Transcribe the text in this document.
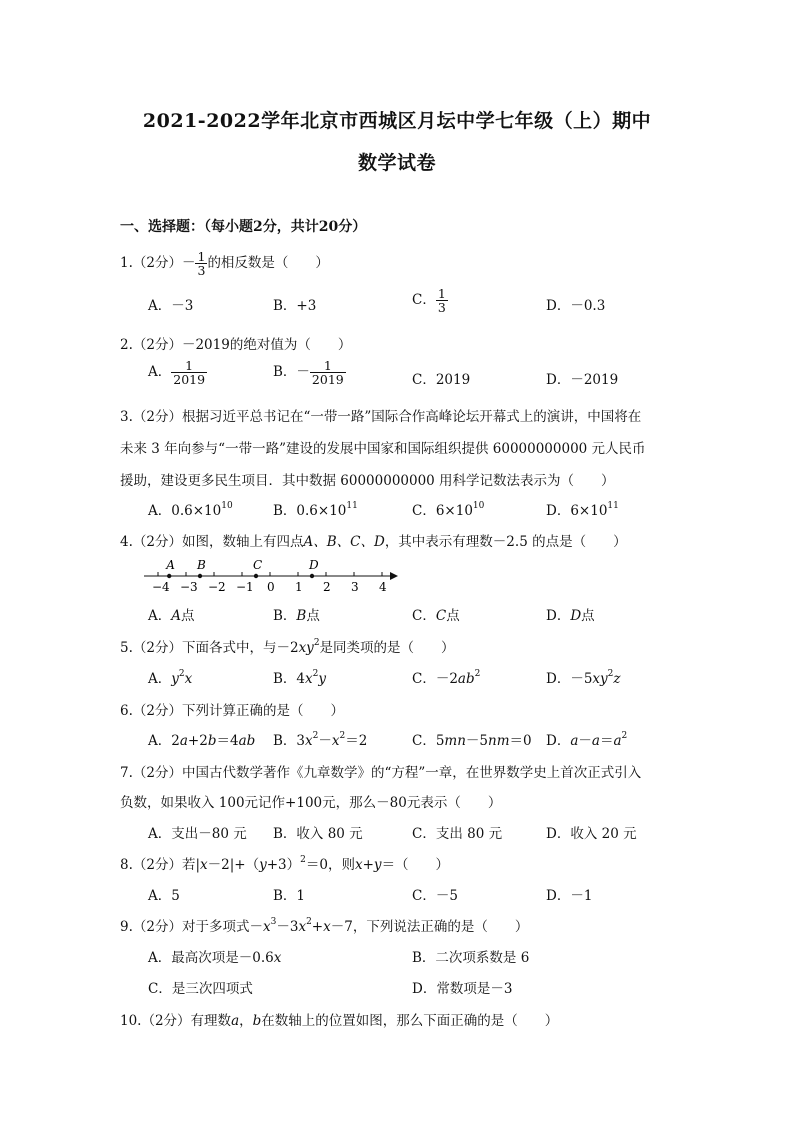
2021-2022学年北京市西城区月坛中学七年级（上）期中
数学试卷
一、选择题：（每小题2分，共计20分）
1.（2分）－ $\frac{1}{3}$ 的相反数是（　　）
A．－3	B．+3	C． $\frac{1}{3}$	D．－0.3
2.（2分）－2019的绝对值为（　　）
A． $\frac{1}{2019}$	B．－ $\frac{1}{2019}$	C．2019	D．－2019
3.（2分）根据习近平总书记在“一带一路”国际合作高峰论坛开幕式上的演讲，中国将在
未来 3 年向参与“一带一路”建设的发展中国家和国际组织提供 60000000000 元人民币
援助，建设更多民生项目．其中数据 60000000000 用科学记数法表示为（　　）
A．$0.6\times 10^{10}$	B．$0.6\times 10^{11}$	C．$6\times 10^{10}$	D．$6\times 10^{11}$
4.（2分）如图，数轴上有四点A、B、C、D，其中表示有理数－2.5 的点是（　　）
−4 −3 −2 −1 0 1 2 3 4
A B	C	D
A．A点	B．B点	C．C点	D．D点
5.（2分）下面各式中，与$-2xy^2$是同类项的是（　　）
A．$y^2x$	B．$4x^2y$	C．$-2ab^2$	D．$-5xy^2z$
6.（2分）下列计算正确的是（　　）
A．2a+2b＝4ab B．$3x^2-x^2=2$	C．5mn－5nm＝0 D．$a-a=a^2$
7.（2分）中国古代数学著作《九章数学》的“方程”一章，在世界数学史上首次正式引入
负数，如果收入 100元记作+100元，那么－80元表示（　　）
A．支出－80 元 B．收入 80 元	C．支出 80 元	D．收入 20 元
8.（2分）若$|x-2|+(y+3)^2=0$，则x+y＝（　　）
A．5	B．1	C．－5	D．－1
9.（2分）对于多项式$-x^3-3x^2+x-7$，下列说法正确的是（　　）
A．最高次项是－0.6x	B．二次项系数是 6
C．是三次四项式	D．常数项是－3
10.（2分）有理数a，b在数轴上的位置如图，那么下面正确的是（　　）
